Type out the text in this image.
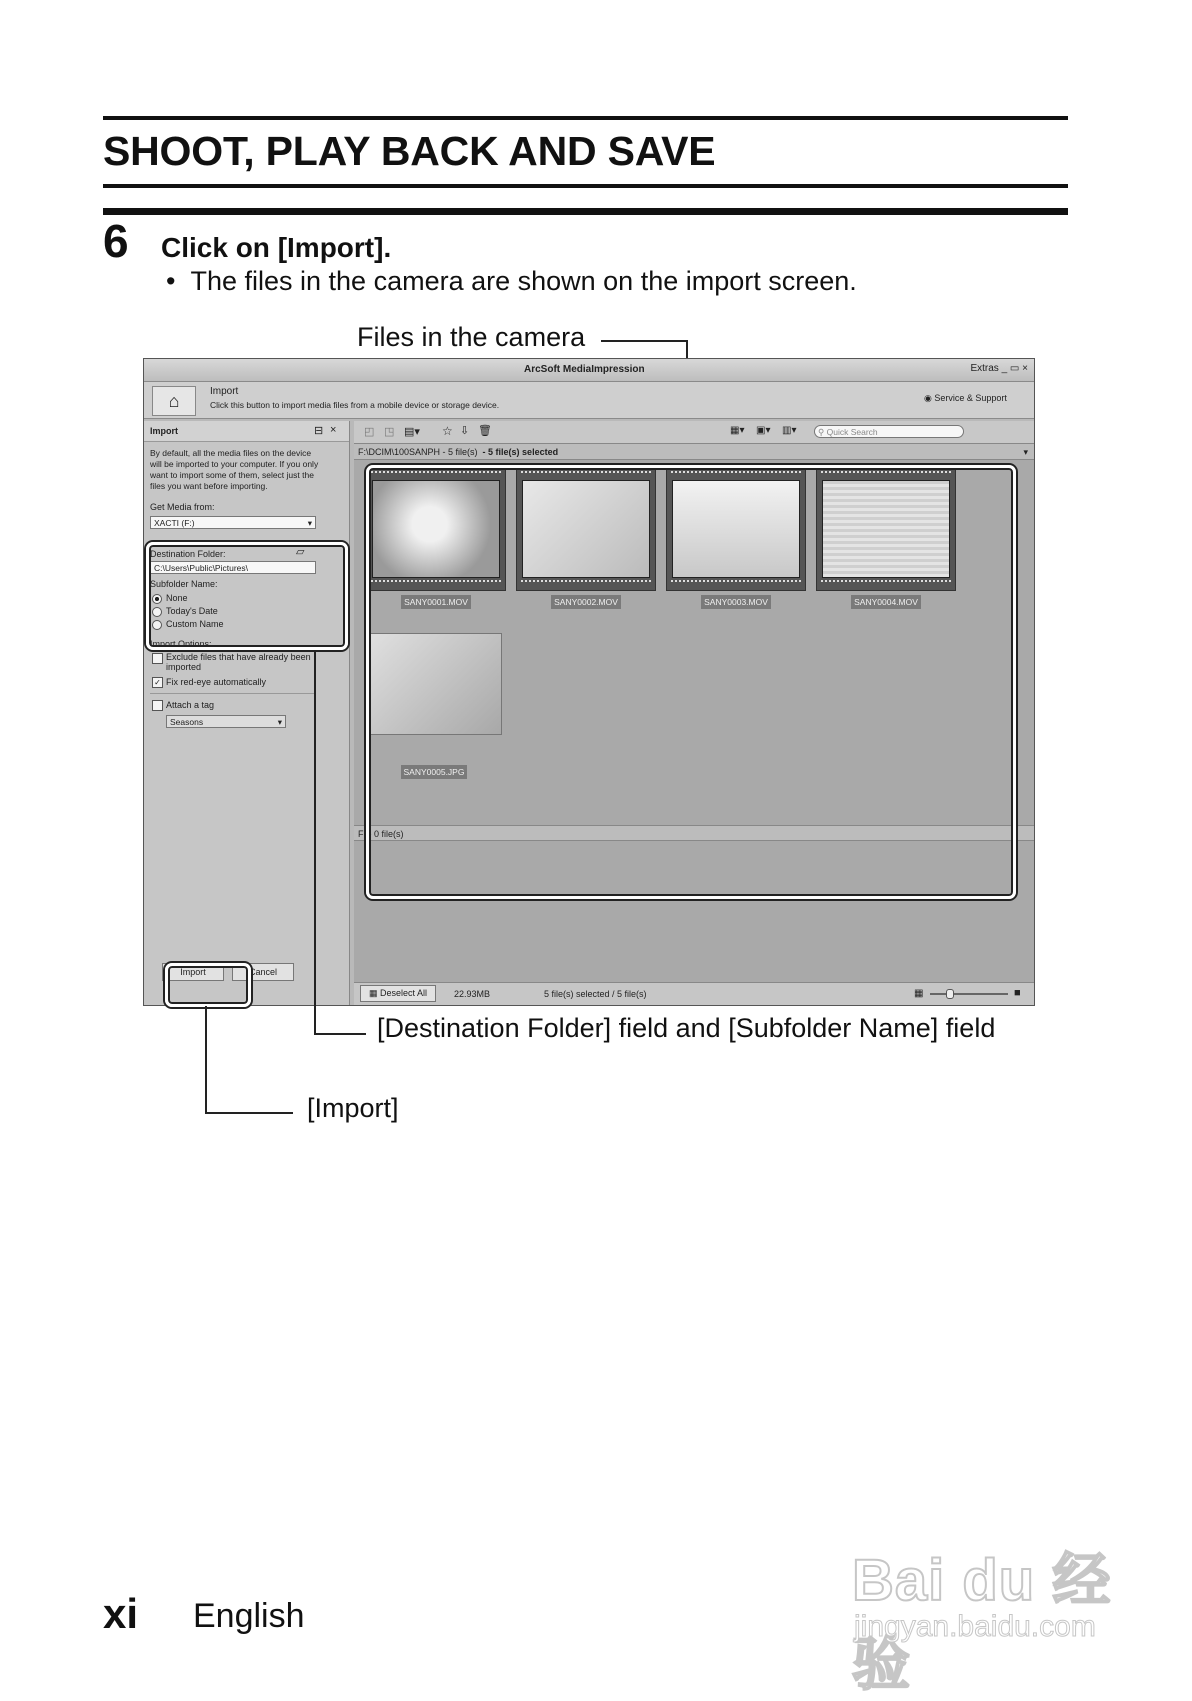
SHOOT, PLAY BACK AND SAVE
6 Click on [Import].
•  The files in the camera are shown on the import screen.
Files in the camera
ArcSoft MediaImpression	Extras _ ▭ ×
⌂	Import
Click this button to import media files from a mobile device or storage device.
◉ Service & Support
Import	⊟ ×
By default, all the media files on the device will be imported to your computer. If you only want to import some of them, select just the files you want before importing.
Get Media from:
XACTI (F:)	▾
Destination Folder:	▱
C:\Users\Public\Pictures\
Subfolder Name:
None
Today's Date
Custom Name
Import Options:
Exclude files that have already been imported
✓ Fix red-eye automatically
Attach a tag
Seasons	▾
Import	Cancel
◰ ◳ ▤▾ ☆ ⇩ 🗑	▦▾ ▣▾ ▥▾	⚲ Quick Search
F:\DCIM\100SANPH - 5 file(s) - 5 file(s) selected	▾
SANY0001.MOV	SANY0002.MOV	SANY0003.MOV	SANY0004.MOV
SANY0005.JPG
F: - 0 file(s)
▦ Deselect All	22.93MB	5 file(s) selected / 5 file(s)	▦	■
[Destination Folder] field and [Subfolder Name] field
[Import]
xi English
Bai du 经验
jingyan.baidu.com
